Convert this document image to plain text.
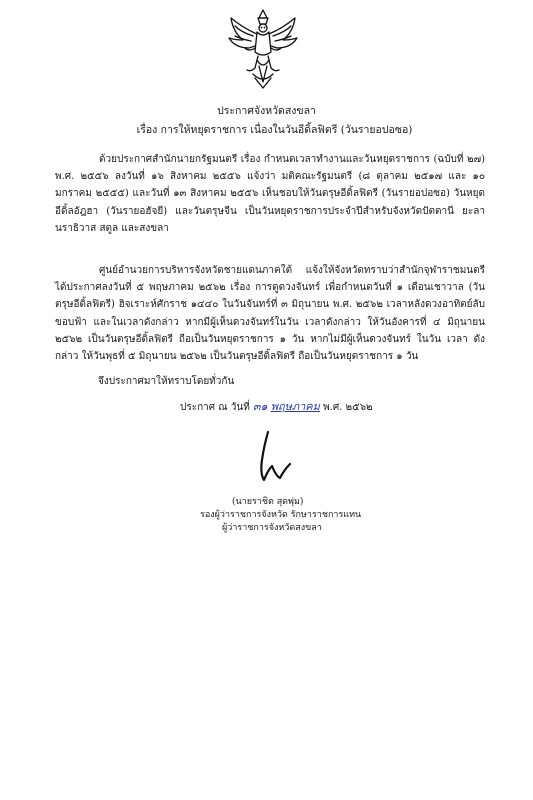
ประกาศจังหวัดสงขลา
เรื่อง การให้หยุดราชการ เนื่องในวันอีดิ้ลฟิตรี (วันรายอปอซอ)
ด้วยประกาศสำนักนายกรัฐมนตรี เรื่อง กำหนดเวลาทำงานและวันหยุดราชการ (ฉบับที่ ๒๗) พ.ศ. ๒๕๕๖ ลงวันที่ ๑๖ สิงหาคม ๒๕๕๖ แจ้งว่า มติคณะรัฐมนตรี (๘ ตุลาคม ๒๕๑๗ และ ๑๐ มกราคม ๒๕๕๕) และวันที่ ๑๓ สิงหาคม ๒๕๕๖ เห็นชอบให้วันตรุษอีดิ้ลฟิตรี (วันรายอปอซอ) วันหยุดอีดิ้ลอัฎฮา (วันรายอฮัจยี) และวันตรุษจีน เป็นวันหยุดราชการประจำปีสำหรับจังหวัดปัตตานี ยะลา นราธิวาส สตูล และสงขลา
ศูนย์อำนวยการบริหารจังหวัดชายแดนภาคใต้ แจ้งให้จังหวัดทราบว่าสำนักจุฬาราชมนตรีได้ประกาศลงวันที่ ๕ พฤษภาคม ๒๕๖๒ เรื่อง การดูดวงจันทร์ เพื่อกำหนดวันที่ ๑ เดือนเชาวาล (วันตรุษอีดิ้ลฟิตรี) ฮิจเราะห์ศักราช ๑๔๔๐ ในวันจันทร์ที่ ๓ มิถุนายน พ.ศ. ๒๕๖๒ เวลาหลังดวงอาทิตย์ลับขอบฟ้า และในเวลาดังกล่าว หากมีผู้เห็นดวงจันทร์ในวัน เวลาดังกล่าว ให้วันอังคารที่ ๔ มิถุนายน ๒๕๖๒ เป็นวันตรุษอีดิ้ลฟิตรี ถือเป็นวันหยุดราชการ ๑ วัน หากไม่มีผู้เห็นดวงจันทร์ ในวัน เวลา ดังกล่าว ให้วันพุธที่ ๕ มิถุนายน ๒๕๖๒ เป็นวันตรุษอีดิ้ลฟิตรี ถือเป็นวันหยุดราชการ ๑ วัน
จึงประกาศมาให้ทราบโดยทั่วกัน
ประกาศ ณ วันที่ ๓๑ พฤษภาคม พ.ศ. ๒๕๖๒
(นายราชิต สุดพุ่ม)
รองผู้ว่าราชการจังหวัด รักษาราชการแทน
ผู้ว่าราชการจังหวัดสงขลา
